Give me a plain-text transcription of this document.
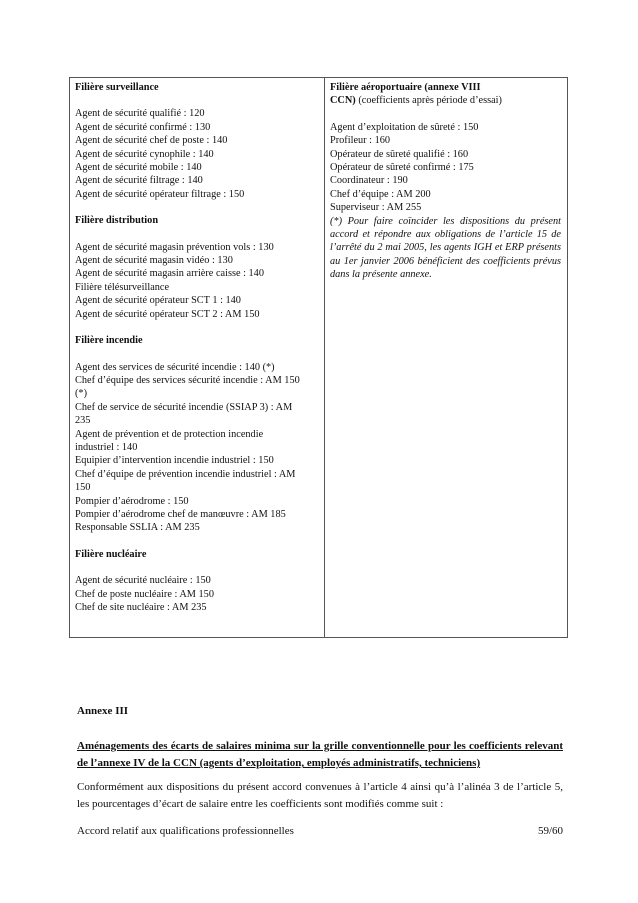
Filière surveillance
Agent de sécurité qualifié : 120
Agent de sécurité confirmé : 130
Agent de sécurité chef de poste : 140
Agent de sécurité cynophile : 140
Agent de sécurité mobile : 140
Agent de sécurité filtrage : 140
Agent de sécurité opérateur filtrage : 150
Filière distribution
Agent de sécurité magasin prévention vols : 130
Agent de sécurité magasin vidéo : 130
Agent de sécurité magasin arrière caisse : 140
Filière télésurveillance
Agent de sécurité opérateur SCT 1 : 140
Agent de sécurité opérateur SCT 2 : AM 150
Filière incendie
Agent des services de sécurité incendie : 140 (*)
Chef d’équipe des services sécurité incendie : AM 150
(*)
Chef de service de sécurité incendie (SSIAP 3) : AM
235
Agent de prévention et de protection incendie
industriel : 140
Equipier d’intervention incendie industriel : 150
Chef d’équipe de prévention incendie industriel : AM
150
Pompier d’aérodrome : 150
Pompier d’aérodrome chef de manœuvre : AM 185
Responsable SSLIA : AM 235
Filière nucléaire
Agent de sécurité nucléaire : 150
Chef de poste nucléaire : AM 150
Chef de site nucléaire : AM 235

Filière aéroportuaire (annexe VIII
CCN) (coefficients après période d’essai)
Agent d’exploitation de sûreté : 150
Profileur : 160
Opérateur de sûreté qualifié : 160
Opérateur de sûreté confirmé : 175
Coordinateur : 190
Chef d’équipe : AM 200
Superviseur : AM 255
(*) Pour faire coïncider les dispositions du présent accord et répondre aux obligations de l’article 15 de l’arrêté du 2 mai 2005, les agents IGH et ERP présents au 1er janvier 2006 bénéficient des coefficients prévus dans la présente annexe.
Annexe III
Aménagements des écarts de salaires minima sur la grille conventionnelle pour les coefficients relevant de l’annexe IV de la CCN (agents d’exploitation, employés administratifs, techniciens)
Conformément aux dispositions du présent accord convenues à l’article 4 ainsi qu’à l’alinéa 3 de l’article 5, les pourcentages d’écart de salaire entre les coefficients sont modifiés comme suit :
Accord relatif aux qualifications professionnelles	59/60
